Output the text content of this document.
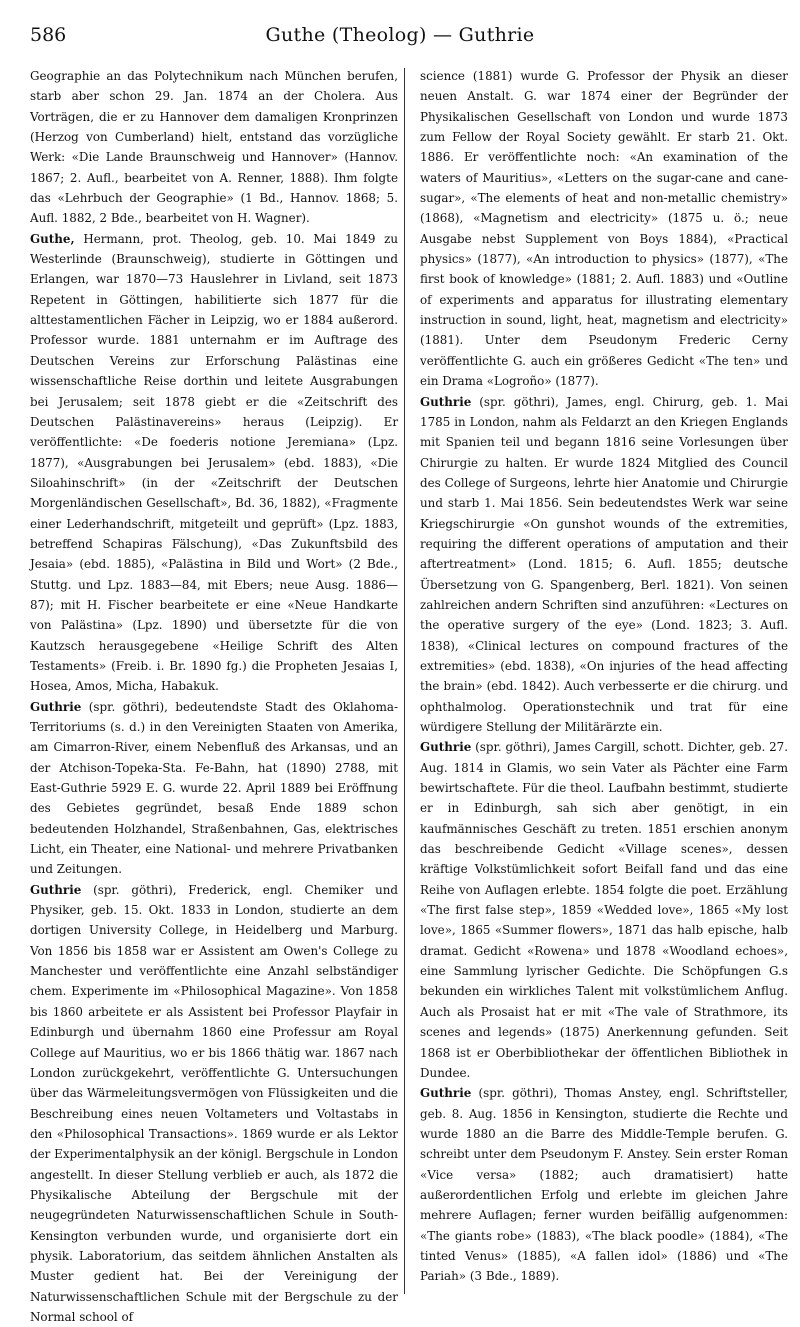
586	Guthe (Theolog) — Guthrie

Geographie an das Polytechnikum nach München berufen, starb aber schon 29. Jan. 1874 an der Cholera. Aus Vorträgen, die er zu Hannover dem damaligen Kronprinzen (Herzog von Cumberland) hielt, entstand das vorzügliche Werk: «Die Lande Braunschweig und Hannover» (Hannov. 1867; 2. Aufl., bearbeitet von A. Renner, 1888). Ihm folgte das «Lehrbuch der Geographie» (1 Bd., Hannov. 1868; 5. Aufl. 1882, 2 Bde., bearbeitet von H. Wagner).

Guthe, Hermann, prot. Theolog, geb. 10. Mai 1849 zu Westerlinde (Braunschweig), studierte in Göttingen und Erlangen, war 1870—73 Hauslehrer in Livland, seit 1873 Repetent in Göttingen, habilitierte sich 1877 für die alttestamentlichen Fächer in Leipzig, wo er 1884 außerord. Professor wurde. 1881 unternahm er im Auftrage des Deutschen Vereins zur Erforschung Palästinas eine wissenschaftliche Reise dorthin und leitete Ausgrabungen bei Jerusalem; seit 1878 giebt er die «Zeitschrift des Deutschen Palästinavereins» heraus (Leipzig). Er veröffentlichte: «De foederis notione Jeremiana» (Lpz. 1877), «Ausgrabungen bei Jerusalem» (ebd. 1883), «Die Siloahinschrift» (in der «Zeitschrift der Deutschen Morgenländischen Gesellschaft», Bd. 36, 1882), «Fragmente einer Lederhandschrift, mitgeteilt und geprüft» (Lpz. 1883, betreffend Schapiras Fälschung), «Das Zukunftsbild des Jesaia» (ebd. 1885), «Palästina in Bild und Wort» (2 Bde., Stuttg. und Lpz. 1883—84, mit Ebers; neue Ausg. 1886—87); mit H. Fischer bearbeitete er eine «Neue Handkarte von Palästina» (Lpz. 1890) und übersetzte für die von Kautzsch herausgegebene «Heilige Schrift des Alten Testaments» (Freib. i. Br. 1890 fg.) die Propheten Jesaias I, Hosea, Amos, Micha, Habakuk.

Guthrie (spr. göthri), bedeutendste Stadt des Oklahoma-Territoriums (s. d.) in den Vereinigten Staaten von Amerika, am Cimarron-River, einem Nebenfluß des Arkansas, und an der Atchison-Topeka-Sta. Fe-Bahn, hat (1890) 2788, mit East-Guthrie 5929 E. G. wurde 22. April 1889 bei Eröffnung des Gebietes gegründet, besaß Ende 1889 schon bedeutenden Holzhandel, Straßenbahnen, Gas, elektrisches Licht, ein Theater, eine National- und mehrere Privatbanken und Zeitungen.

Guthrie (spr. göthri), Frederick, engl. Chemiker und Physiker, geb. 15. Okt. 1833 in London, studierte an dem dortigen University College, in Heidelberg und Marburg. Von 1856 bis 1858 war er Assistent am Owen's College zu Manchester und veröffentlichte eine Anzahl selbständiger chem. Experimente im «Philosophical Magazine». Von 1858 bis 1860 arbeitete er als Assistent bei Professor Playfair in Edinburgh und übernahm 1860 eine Professur am Royal College auf Mauritius, wo er bis 1866 thätig war. 1867 nach London zurückgekehrt, veröffentlichte G. Untersuchungen über das Wärmeleitungsvermögen von Flüssigkeiten und die Beschreibung eines neuen Voltameters und Voltastabs in den «Philosophical Transactions». 1869 wurde er als Lektor der Experimentalphysik an der königl. Bergschule in London angestellt. In dieser Stellung verblieb er auch, als 1872 die Physikalische Abteilung der Bergschule mit der neugegründeten Naturwissenschaftlichen Schule in South-Kensington verbunden wurde, und organisierte dort ein physik. Laboratorium, das seitdem ähnlichen Anstalten als Muster gedient hat. Bei der Vereinigung der Naturwissenschaftlichen Schule mit der Bergschule zu der Normal school of

science (1881) wurde G. Professor der Physik an dieser neuen Anstalt. G. war 1874 einer der Begründer der Physikalischen Gesellschaft von London und wurde 1873 zum Fellow der Royal Society gewählt. Er starb 21. Okt. 1886. Er veröffentlichte noch: «An examination of the waters of Mauritius», «Letters on the sugar-cane and cane-sugar», «The elements of heat and non-metallic chemistry» (1868), «Magnetism and electricity» (1875 u. ö.; neue Ausgabe nebst Supplement von Boys 1884), «Practical physics» (1877), «An introduction to physics» (1877), «The first book of knowledge» (1881; 2. Aufl. 1883) und «Outline of experiments and apparatus for illustrating elementary instruction in sound, light, heat, magnetism and electricity» (1881). Unter dem Pseudonym Frederic Cerny veröffentlichte G. auch ein größeres Gedicht «The ten» und ein Drama «Logroño» (1877).

Guthrie (spr. göthri), James, engl. Chirurg, geb. 1. Mai 1785 in London, nahm als Feldarzt an den Kriegen Englands mit Spanien teil und begann 1816 seine Vorlesungen über Chirurgie zu halten. Er wurde 1824 Mitglied des Council des College of Surgeons, lehrte hier Anatomie und Chirurgie und starb 1. Mai 1856. Sein bedeutendstes Werk war seine Kriegschirurgie «On gunshot wounds of the extremities, requiring the different operations of amputation and their aftertreatment» (Lond. 1815; 6. Aufl. 1855; deutsche Übersetzung von G. Spangenberg, Berl. 1821). Von seinen zahlreichen andern Schriften sind anzuführen: «Lectures on the operative surgery of the eye» (Lond. 1823; 3. Aufl. 1838), «Clinical lectures on compound fractures of the extremities» (ebd. 1838), «On injuries of the head affecting the brain» (ebd. 1842). Auch verbesserte er die chirurg. und ophthalmolog. Operationstechnik und trat für eine würdigere Stellung der Militärärzte ein.

Guthrie (spr. göthri), James Cargill, schott. Dichter, geb. 27. Aug. 1814 in Glamis, wo sein Vater als Pächter eine Farm bewirtschaftete. Für die theol. Laufbahn bestimmt, studierte er in Edinburgh, sah sich aber genötigt, in ein kaufmännisches Geschäft zu treten. 1851 erschien anonym das beschreibende Gedicht «Village scenes», dessen kräftige Volkstümlichkeit sofort Beifall fand und das eine Reihe von Auflagen erlebte. 1854 folgte die poet. Erzählung «The first false step», 1859 «Wedded love», 1865 «My lost love», 1865 «Summer flowers», 1871 das halb epische, halb dramat. Gedicht «Rowena» und 1878 «Woodland echoes», eine Sammlung lyrischer Gedichte. Die Schöpfungen G.s bekunden ein wirkliches Talent mit volkstümlichem Anflug. Auch als Prosaist hat er mit «The vale of Strathmore, its scenes and legends» (1875) Anerkennung gefunden. Seit 1868 ist er Oberbibliothekar der öffentlichen Bibliothek in Dundee.

Guthrie (spr. göthri), Thomas Anstey, engl. Schriftsteller, geb. 8. Aug. 1856 in Kensington, studierte die Rechte und wurde 1880 an die Barre des Middle-Temple berufen. G. schreibt unter dem Pseudonym F. Anstey. Sein erster Roman «Vice versa» (1882; auch dramatisiert) hatte außerordentlichen Erfolg und erlebte im gleichen Jahre mehrere Auflagen; ferner wurden beifällig aufgenommen: «The giants robe» (1883), «The black poodle» (1884), «The tinted Venus» (1885), «A fallen idol» (1886) und «The Pariah» (3 Bde., 1889).
